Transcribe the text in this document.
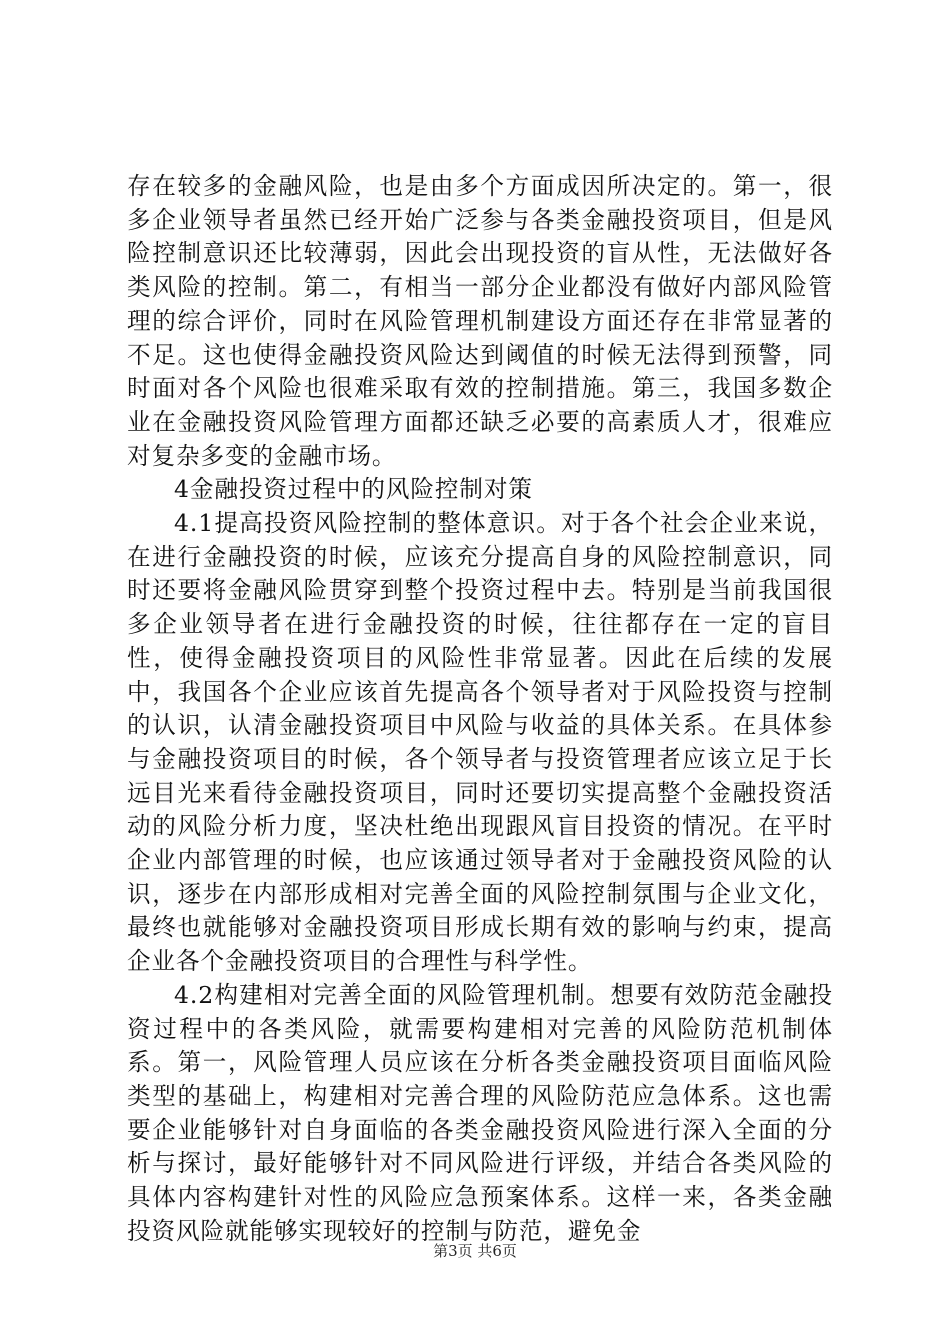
存在较多的金融风险，也是由多个方面成因所决定的。第一，很多企业领导者虽然已经开始广泛参与各类金融投资项目，但是风险控制意识还比较薄弱，因此会出现投资的盲从性，无法做好各类风险的控制。第二，有相当一部分企业都没有做好内部风险管理的综合评价，同时在风险管理机制建设方面还存在非常显著的不足。这也使得金融投资风险达到阈值的时候无法得到预警，同时面对各个风险也很难采取有效的控制措施。第三，我国多数企业在金融投资风险管理方面都还缺乏必要的高素质人才，很难应对复杂多变的金融市场。

4金融投资过程中的风险控制对策

4.1提高投资风险控制的整体意识。对于各个社会企业来说，在进行金融投资的时候，应该充分提高自身的风险控制意识，同时还要将金融风险贯穿到整个投资过程中去。特别是当前我国很多企业领导者在进行金融投资的时候，往往都存在一定的盲目性，使得金融投资项目的风险性非常显著。因此在后续的发展中，我国各个企业应该首先提高各个领导者对于风险投资与控制的认识，认清金融投资项目中风险与收益的具体关系。在具体参与金融投资项目的时候，各个领导者与投资管理者应该立足于长远目光来看待金融投资项目，同时还要切实提高整个金融投资活动的风险分析力度，坚决杜绝出现跟风盲目投资的情况。在平时企业内部管理的时候，也应该通过领导者对于金融投资风险的认识，逐步在内部形成相对完善全面的风险控制氛围与企业文化，最终也就能够对金融投资项目形成长期有效的影响与约束，提高企业各个金融投资项目的合理性与科学性。

4.2构建相对完善全面的风险管理机制。想要有效防范金融投资过程中的各类风险，就需要构建相对完善的风险防范机制体系。第一，风险管理人员应该在分析各类金融投资项目面临风险类型的基础上，构建相对完善合理的风险防范应急体系。这也需要企业能够针对自身面临的各类金融投资风险进行深入全面的分析与探讨，最好能够针对不同风险进行评级，并结合各类风险的具体内容构建针对性的风险应急预案体系。这样一来，各类金融投资风险就能够实现较好的控制与防范，避免金

第3页 共6页
